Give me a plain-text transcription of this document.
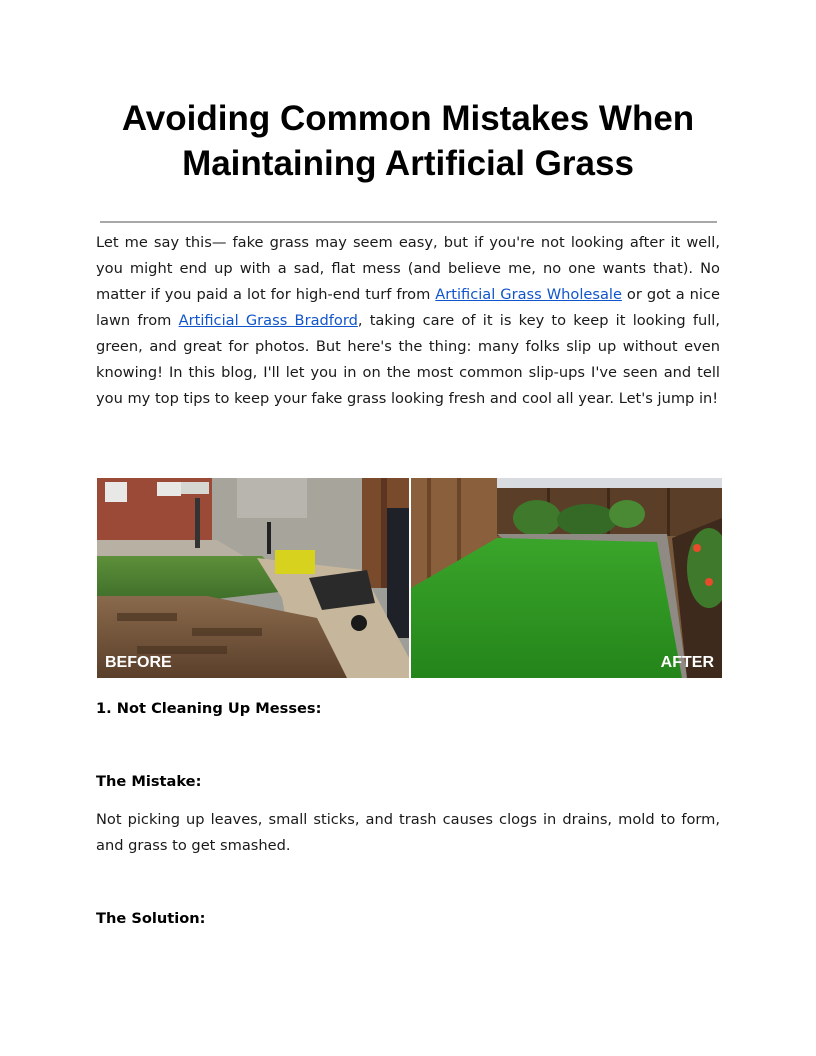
Avoiding Common Mistakes When Maintaining Artificial Grass

Let me say this— fake grass may seem easy, but if you're not looking after it well, you might end up with a sad, flat mess (and believe me, no one wants that). No matter if you paid a lot for high-end turf from Artificial Grass Wholesale or got a nice lawn from Artificial Grass Bradford, taking care of it is key to keep it looking full, green, and great for photos. But here's the thing: many folks slip up without even knowing! In this blog, I'll let you in on the most common slip-ups I've seen and tell you my top tips to keep your fake grass looking fresh and cool all year. Let's jump in!

BEFORE	AFTER
1. Not Cleaning Up Messes:
The Mistake:

Not picking up leaves, small sticks, and trash causes clogs in drains, mold to form, and grass to get smashed.

The Solution:
